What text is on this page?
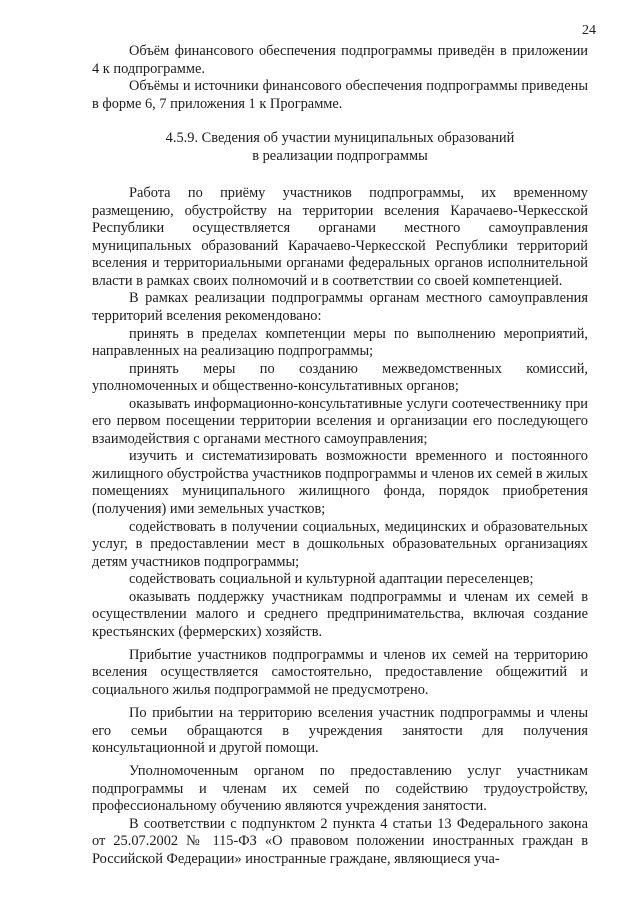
24

Объём финансового обеспечения подпрограммы приведён в приложении 4 к подпрограмме.

Объёмы и источники финансового обеспечения подпрограммы приведены в форме 6, 7 приложения 1 к Программе.

4.5.9. Сведения об участии муниципальных образований
в реализации подпрограммы

Работа по приёму участников подпрограммы, их временному размещению, обустройству на территории вселения Карачаево-Черкесской Республики осуществляется органами местного самоуправления муниципальных образований Карачаево-Черкесской Республики территорий вселения и территориальными органами федеральных органов исполнительной власти в рамках своих полномочий и в соответствии со своей компетенцией.

В рамках реализации подпрограммы органам местного самоуправления территорий вселения рекомендовано:

принять в пределах компетенции меры по выполнению мероприятий, направленных на реализацию подпрограммы;

принять меры по созданию межведомственных комиссий, уполномоченных и общественно-консультативных органов;

оказывать информационно-консультативные услуги соотечественнику при его первом посещении территории вселения и организации его последующего взаимодействия с органами местного самоуправления;

изучить и систематизировать возможности временного и постоянного жилищного обустройства участников подпрограммы и членов их семей в жилых помещениях муниципального жилищного фонда, порядок приобретения (получения) ими земельных участков;

содействовать в получении социальных, медицинских и образовательных услуг, в предоставлении мест в дошкольных образовательных организациях детям участников подпрограммы;

содействовать социальной и культурной адаптации переселенцев;

оказывать поддержку участникам подпрограммы и членам их семей в осуществлении малого и среднего предпринимательства, включая создание крестьянских (фермерских) хозяйств.

Прибытие участников подпрограммы и членов их семей на территорию вселения осуществляется самостоятельно, предоставление общежитий и социального жилья подпрограммой не предусмотрено.

По прибытии на территорию вселения участник подпрограммы и члены его семьи обращаются в учреждения занятости для получения консультационной и другой помощи.

Уполномоченным органом по предоставлению услуг участникам подпрограммы и членам их семей по содействию трудоустройству, профессиональному обучению являются учреждения занятости.

В соответствии с подпунктом 2 пункта 4 статьи 13 Федерального закона от 25.07.2002 № 115-ФЗ «О правовом положении иностранных граждан в Российской Федерации» иностранные граждане, являющиеся уча-
